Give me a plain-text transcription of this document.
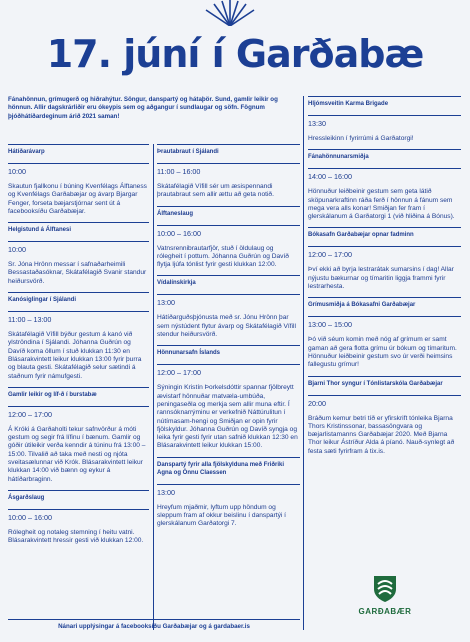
17. júní í Garðabæ
Fánahönnun, grímugerð og hiðrahýtur. Söngur, danspartý og hátaþör. Sund, gamlir leikir og hönnun. Allir dagskrárliðir eru ókeypis sem og aðgangur í sundlaugar og söfn. Fögnum þjóðhátíðardeginum árið 2021 saman!
Hátíðarávarp
10:00
Skautun fjallkonu í búning Kvenfélags Álftaness og Kvenfélags Garðabæjar og ávarp Bjargar Fenger, forseta bæjarstjórnar sent út á facebooksíðu Garðabæjar.
Helgistund á Álftanesi
10:00
Sr. Jóna Hrönn messar í safnaðarheimili Bessastaðasóknar, Skátafélagið Svanir standur heiðursvörð.
Kanósiglingar í Sjálandi
11:00 – 13:00
Skátafélagið Vífill býður gestum á kanó við ylströndina í Sjálandi. Jóhanna Guðrún og Davíð koma öllum í stuð klukkan 11:30 en Blásarakvintett leikur klukkan 13:00 fyrir þurra og blauta gesti. Skátafélagið selur sætindi á staðnum fyrir námufgesti.
Gamlir leikir og líf-ð í burstabæ
12:00 – 17:00
Á Króki á Garðaholti tekur safnvörður á móti gestum og segir frá lífinu í bænum. Gamlir og góðir útileikir verða kenndir á túninu frá 13:00 – 15:00. Tilvalið að taka með nesti og njóta sveitasælunnar við Krók. Blásarakvintett leikur klukkan 14:00 við bænn og eykur á hátíðarbraginn.
Ásgarðslaug
10:00 – 16:00
Rólegheit og notaleg stemning í heitu vatni. Blásarakvintett hressir gesti við klukkan 12:00.
Þrautabraut í Sjálandi
11:00 – 16:00
Skátafélagið Vífill sér um æsispennandi þrautabraut sem allir ættu að geta notið.
Álftaneslaug
10:00 – 16:00
Vatnsrennibrautarfjör, stuð í öldulaug og rólegheit í pottum. Jóhanna Guðrún og Davíð flytja ljúfa tónlist fyrir gesti klukkan 12:00.
Vídalínskirkja
13:00
Hátíðarguðsþjónusta með sr. Jónu Hrönn þar sem nýstúdent flytur ávarp og Skátafélagið Vífill stendur heiðursvörð.
Hönnunarsafn Íslands
12:00 – 17:00
Sýningin Kristín Þorkelsdóttir spannar fjölbreytt ævistarf hönnuðar matvæla-umbúða, peningaseðla og merkja sem allir muna eftir. Í rannsóknarrýminu er verkefnið Náttúrulitun í nútímasam-hengi og Smiðjan er opin fyrir fjölskyldur. Jóhanna Guðrún og Davíð syngja og leika fyrir gesti fyrir utan safnið klukkan 12:30 en Blásarakvintett leikur klukkan 15:00.
Danspartý fyrir alla fjölskylduna með Friðriki Agna og Önnu Claessen
13:00
Hreyfum mjaðmir, lyftum upp höndum og sleppum fram af okkur beislinu í danspartýi í glerskálanum Garðatorgi 7.
Hljómsveitin Karma Brigade
13:30
Hressleikinn í fyrirrúmi á Garðatorgi!
Fánahönnunarsmiðja
14:00 – 16:00
Hönnuður leiðbeinir gestum sem geta látið sköpunarkraftinn ráða ferð í hönnun á fánum sem mega vera alls konar! Smiðjan fer fram í glerskálanum á Garðatorgi 1 (við hliðina á Bónus).
Bókasafn Garðabæjar opnar fadminn
12:00 – 17:00
Því ekki að byrja lestrarátak sumarsins í dag! Allar nýjustu bækurnar og tímaritin liggja frammi fyrir lestrarhesta.
Grímusmiðja á Bókasafni Garðabæjar
13:00 – 15:00
Þó við séum komin með nóg af grímum er samt gaman að gera flotta grímu úr bókum og tímaritum. Hönnuður leiðbeinir gestum svo úr verði heimsins fallegustu grímur!
Bjarni Thor syngur í Tónlistarskóla Garðabæjar
20:00
Bráðum kemur betri tíð er yfirskrift tónleika Bjarna Thors Kristinssonar, bassasöngvara og bæjarlistamanns Garðabæjar 2020. Með Bjarna Thor leikur Ástríður Alda á píanó. Nauð-synlegt að festa sæti fyrirfram á tix.is.
Nánari upplýsingar á facebooksíðu Garðabæjar og á gardabaer.is
GARÐABÆR
